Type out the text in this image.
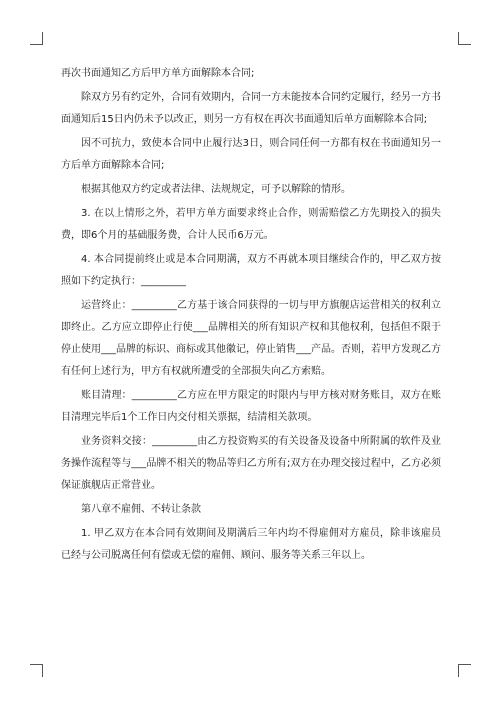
再次书面通知乙方后甲方单方面解除本合同;

除双方另有约定外，合同有效期内，合同一方未能按本合同约定履行，经另一方书面通知后15日内仍未予以改正，则另一方有权在再次书面通知后单方面解除本合同;

因不可抗力，致使本合同中止履行达3日，则合同任何一方都有权在书面通知另一方后单方面解除本合同;

根据其他双方约定或者法律、法规规定，可予以解除的情形。

3. 在以上情形之外，若甲方单方面要求终止合作，则需赔偿乙方先期投入的损失费，即6个月的基础服务费，合计人民币6万元。

4. 本合同提前终止或是本合同期满，双方不再就本项目继续合作的，甲乙双方按照如下约定执行：_________

运营终止：_________乙方基于该合同获得的一切与甲方旗舰店运营相关的权利立即终止。乙方应立即停止行使___品牌相关的所有知识产权和其他权利，包括但不限于停止使用___品牌的标识、商标或其他徽记，停止销售___产品。否则，若甲方发现乙方有任何上述行为，甲方有权就所遭受的全部损失向乙方索赔。

账目清理：_________乙方应在甲方限定的时限内与甲方核对财务账目，双方在账目清理完毕后1个工作日内交付相关票据，结清相关款项。

业务资料交接：_________由乙方投资购买的有关设备及设备中所附属的软件及业务操作流程等与___品牌不相关的物品等归乙方所有;双方在办理交接过程中，乙方必须保证旗舰店正常营业。

第八章不雇佣、不转让条款

1. 甲乙双方在本合同有效期间及期满后三年内均不得雇佣对方雇员，除非该雇员已经与公司脱离任何有偿或无偿的雇佣、顾问、服务等关系三年以上。
